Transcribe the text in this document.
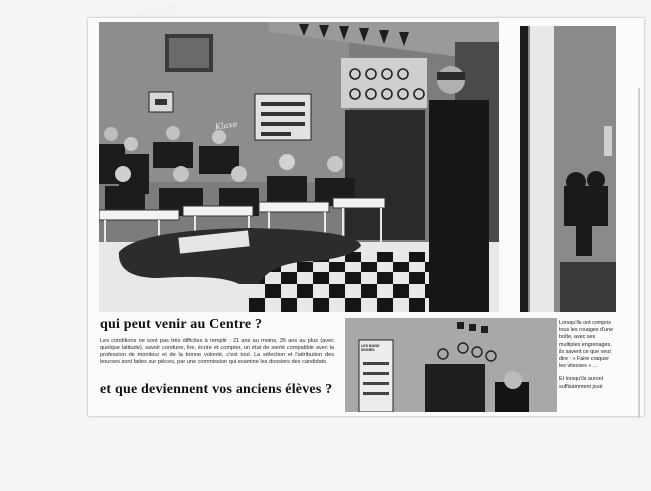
Klaxe
LES BONS SIGNES
qui peut venir au Centre ?
Les conditions ne sont pas très difficiles à remplir : 21 ans au moins, 35 ans au plus (avec quelque latitude), savoir conduire, lire, écrire et compter, un état de santé compatible avec la profession de moniteur et de la bonne volonté, c'est tout. La sélection et l'attribution des bourses sont faites sur pièces, par une commission qui examine les dossiers des candidats.
et que deviennent vos anciens élèves ?

Lorsqu'ils ont compris tous les rouages d'une boîte, avec ses multiples engrenages, ils savent ce que veut dire : « Faire craquer les vitesses » ...

Et lorsqu'ils auront suffisamment joué
